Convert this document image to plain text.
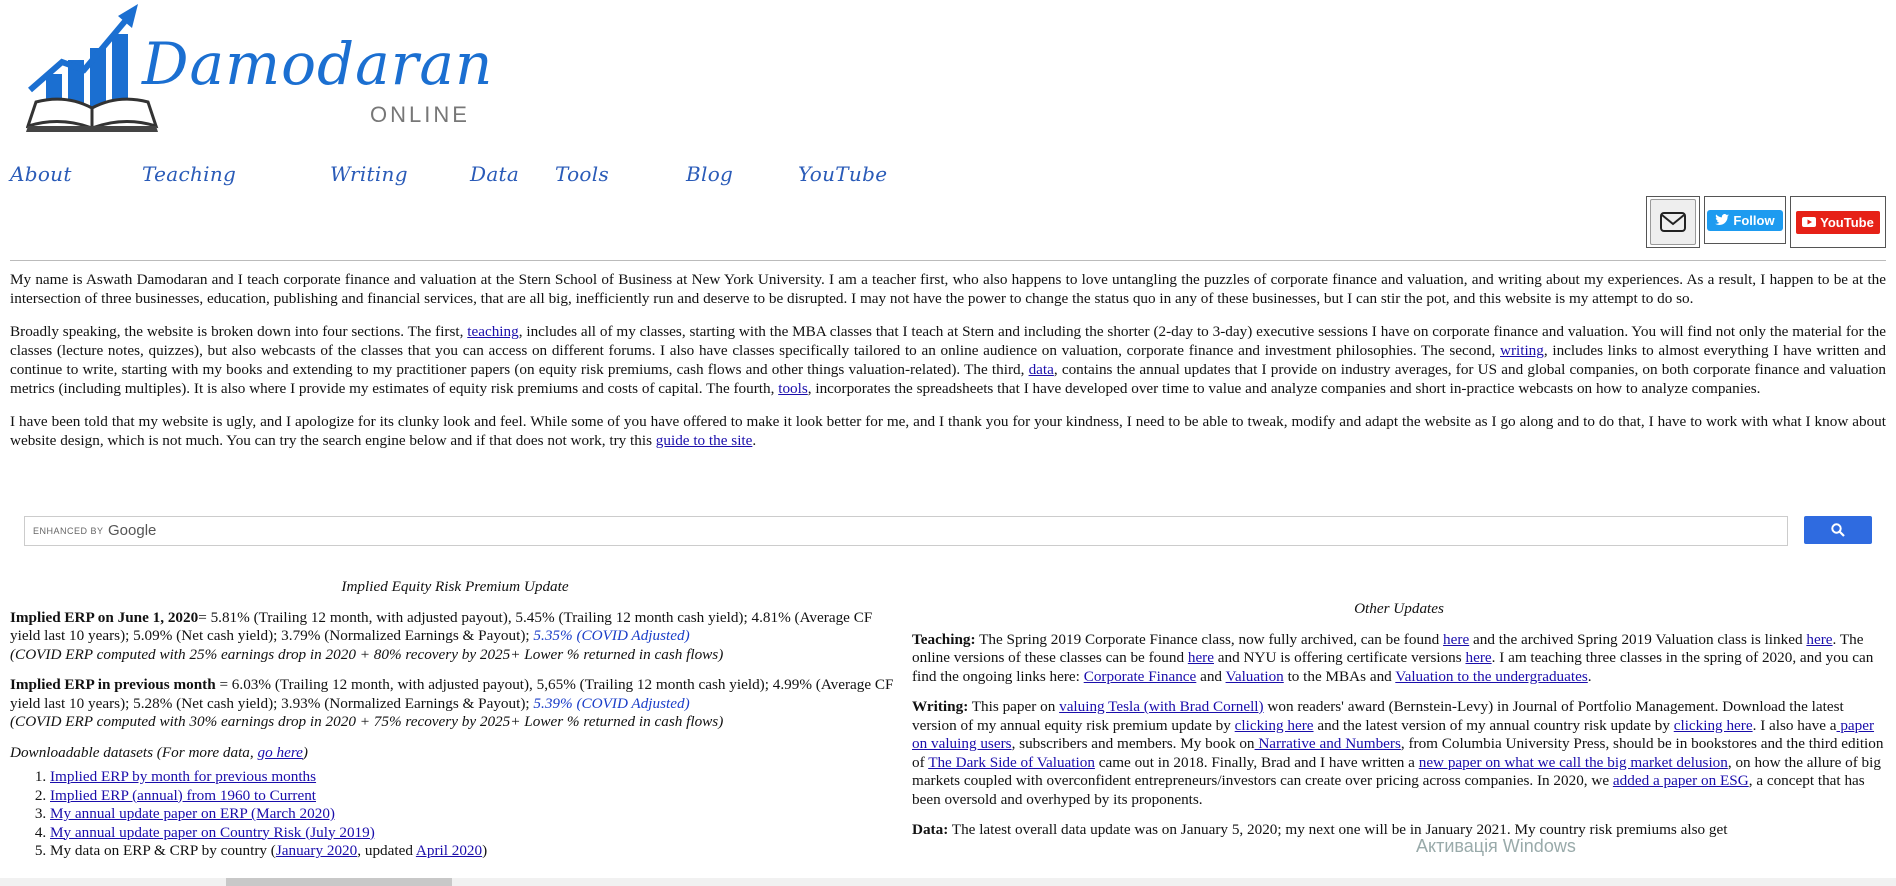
Damodaran
ONLINE
About	Teaching	Writing	Data Tools	Blog	YouTube
Follow	YouTube

My name is Aswath Damodaran and I teach corporate finance and valuation at the Stern School of Business at New York University. I am a teacher first, who also happens to love untangling the puzzles of corporate finance and valuation, and writing about my experiences. As a result, I happen to be at the intersection of three businesses, education, publishing and financial services, that are all big, inefficiently run and deserve to be disrupted. I may not have the power to change the status quo in any of these businesses, but I can stir the pot, and this website is my attempt to do so.

Broadly speaking, the website is broken down into four sections. The first, teaching, includes all of my classes, starting with the MBA classes that I teach at Stern and including the shorter (2-day to 3-day) executive sessions I have on corporate finance and valuation. You will find not only the material for the classes (lecture notes, quizzes), but also webcasts of the classes that you can access on different forums. I also have classes specifically tailored to an online audience on valuation, corporate finance and investment philosophies. The second, writing, includes links to almost everything I have written and continue to write, starting with my books and extending to my practitioner papers (on equity risk premiums, cash flows and other things valuation-related). The third, data, contains the annual updates that I provide on industry averages, for US and global companies, on both corporate finance and valuation metrics (including multiples). It is also where I provide my estimates of equity risk premiums and costs of capital. The fourth, tools, incorporates the spreadsheets that I have developed over time to value and analyze companies and short in-practice webcasts on how to analyze companies.

I have been told that my website is ugly, and I apologize for its clunky look and feel. While some of you have offered to make it look better for me, and I thank you for your kindness, I need to be able to tweak, modify and adapt the website as I go along and to do that, I have to work with what I know about website design, which is not much. You can try the search engine below and if that does not work, try this guide to the site.

ENHANCED BY Google

Implied Equity Risk Premium Update

Implied ERP on June 1, 2020= 5.81% (Trailing 12 month, with adjusted payout), 5.45% (Trailing 12 month cash yield); 4.81% (Average CF yield last 10 years); 5.09% (Net cash yield); 3.79% (Normalized Earnings & Payout); 5.35% (COVID Adjusted)
(COVID ERP computed with 25% earnings drop in 2020 + 80% recovery by 2025+ Lower % returned in cash flows)

Implied ERP in previous month = 6.03% (Trailing 12 month, with adjusted payout), 5,65% (Trailing 12 month cash yield); 4.99% (Average CF yield last 10 years); 5.28% (Net cash yield); 3.93% (Normalized Earnings & Payout); 5.39% (COVID Adjusted)
(COVID ERP computed with 30% earnings drop in 2020 + 75% recovery by 2025+ Lower % returned in cash flows)

Downloadable datasets (For more data, go here)

1. Implied ERP by month for previous months
2. Implied ERP (annual) from 1960 to Current
3. My annual update paper on ERP (March 2020)
4. My annual update paper on Country Risk (July 2019)
5. My data on ERP & CRP by country (January 2020, updated April 2020)

Other Updates

Teaching: The Spring 2019 Corporate Finance class, now fully archived, can be found here and the archived Spring 2019 Valuation class is linked here. The online versions of these classes can be found here and NYU is offering certificate versions here. I am teaching three classes in the spring of 2020, and you can find the ongoing links here: Corporate Finance and Valuation to the MBAs and Valuation to the undergraduates.

Writing: This paper on valuing Tesla (with Brad Cornell) won readers' award (Bernstein-Levy) in Journal of Portfolio Management. Download the latest version of my annual equity risk premium update by clicking here and the latest version of my annual country risk update by clicking here. I also have a paper on valuing users, subscribers and members. My book on Narrative and Numbers, from Columbia University Press, should be in bookstores and the third edition of The Dark Side of Valuation came out in 2018. Finally, Brad and I have written a new paper on what we call the big market delusion, on how the allure of big markets coupled with overconfident entrepreneurs/investors can create over pricing across companies. In 2020, we added a paper on ESG, a concept that has been oversold and overhyped by its proponents.

Data: The latest overall data update was on January 5, 2020; my next one will be in January 2021. My country risk premiums also get

Активація Windows
